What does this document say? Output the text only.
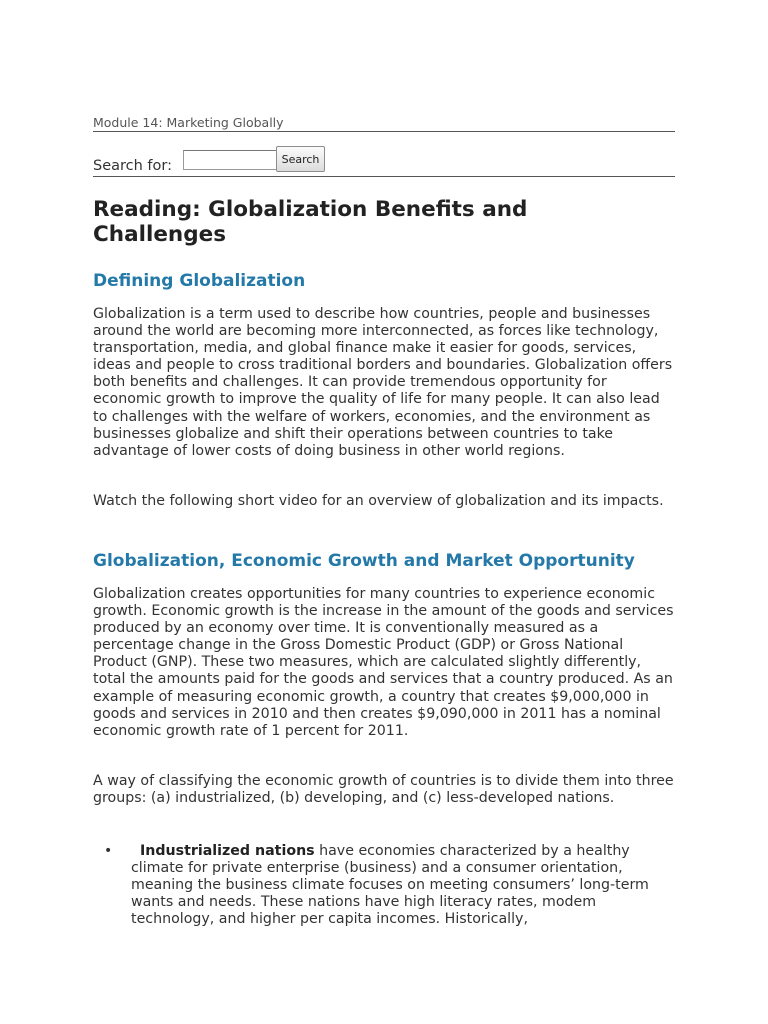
Module 14: Marketing Globally
Search for:	Search
Reading: Globalization Benefits and Challenges
Defining Globalization

Globalization is a term used to describe how countries, people and businesses around the world are becoming more interconnected, as forces like technology, transportation, media, and global finance make it easier for goods, services, ideas and people to cross traditional borders and boundaries. Globalization offers both benefits and challenges. It can provide tremendous opportunity for economic growth to improve the quality of life for many people. It can also lead to challenges with the welfare of workers, economies, and the environment as businesses globalize and shift their operations between countries to take advantage of lower costs of doing business in other world regions.

Watch the following short video for an overview of globalization and its impacts.

Globalization, Economic Growth and Market Opportunity

Globalization creates opportunities for many countries to experience economic growth. Economic growth is the increase in the amount of the goods and services produced by an economy over time. It is conventionally measured as a percentage change in the Gross Domestic Product (GDP) or Gross National Product (GNP). These two measures, which are calculated slightly differently, total the amounts paid for the goods and services that a country produced. As an example of measuring economic growth, a country that creates $9,000,000 in goods and services in 2010 and then creates $9,090,000 in 2011 has a nominal economic growth rate of 1 percent for 2011.

A way of classifying the economic growth of countries is to divide them into three groups: (a) industrialized, (b) developing, and (c) less-developed nations.

• Industrialized nations have economies characterized by a healthy climate for private enterprise (business) and a consumer orientation, meaning the business climate focuses on meeting consumers’ long-term wants and needs. These nations have high literacy rates, modem technology, and higher per capita incomes. Historically,
